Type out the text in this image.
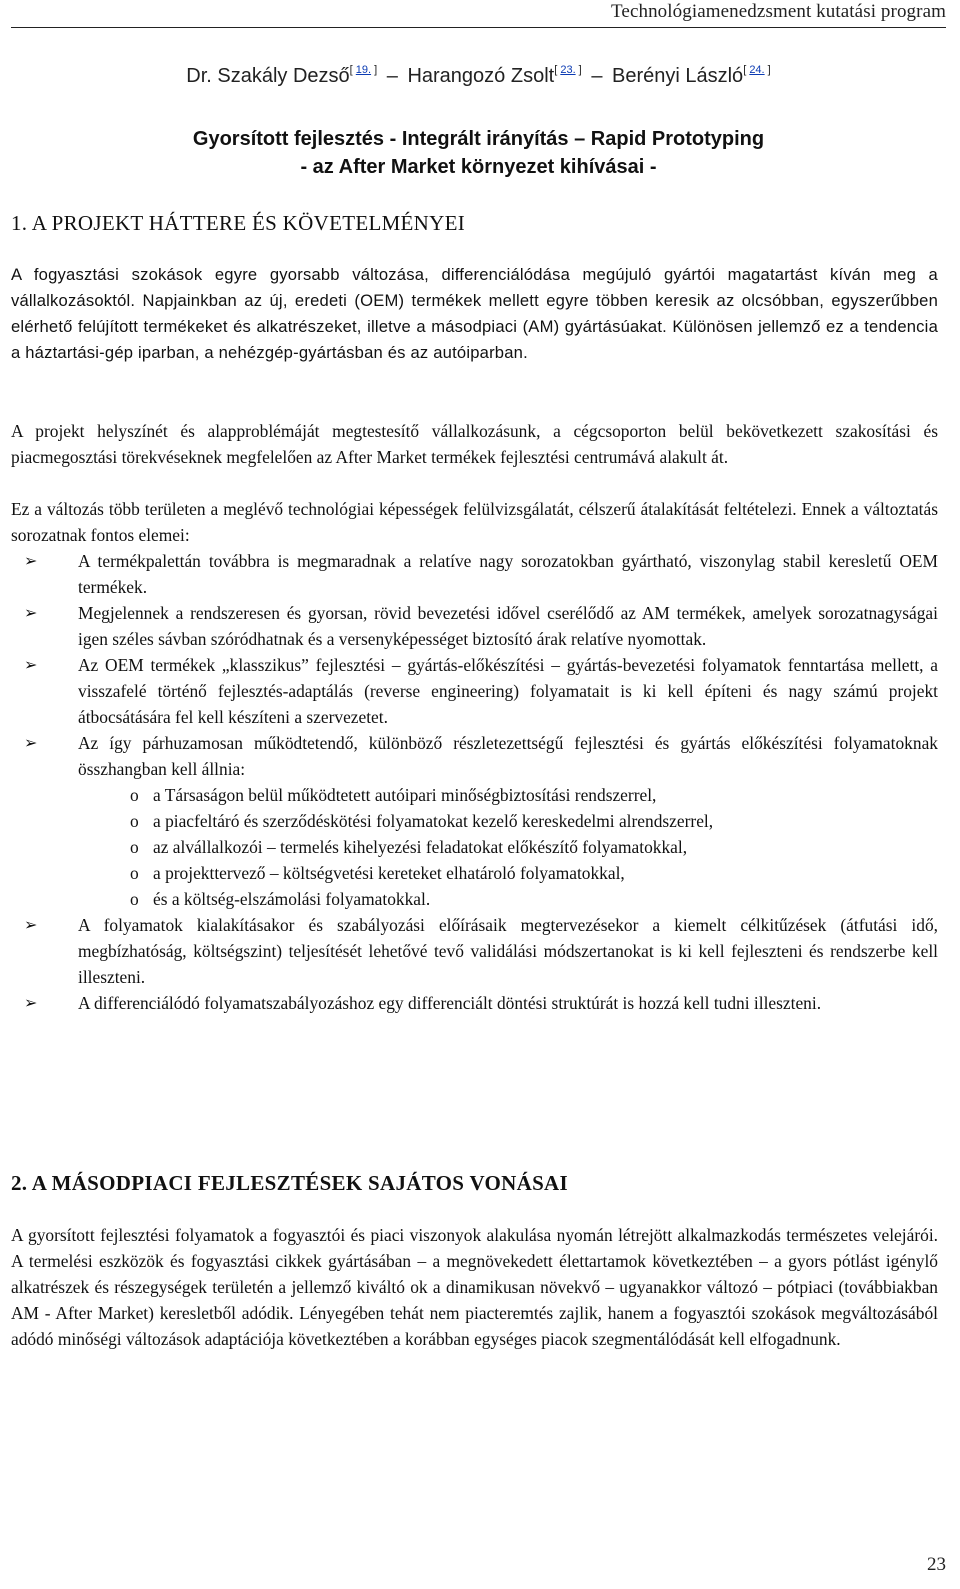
Technológiamenedzsment kutatási program
Dr. Szakály Dezső[ 19. ] – Harangozó Zsolt[ 23. ] – Berényi László[ 24. ]
Gyorsított fejlesztés - Integrált irányítás – Rapid Prototyping
- az After Market környezet kihívásai -
1. A PROJEKT HÁTTERE ÉS KÖVETELMÉNYEI

A fogyasztási szokások egyre gyorsabb változása, differenciálódása megújuló gyártói magatartást kíván meg a vállalkozásoktól. Napjainkban az új, eredeti (OEM) termékek mellett egyre többen keresik az olcsóbban, egyszerűbben elérhető felújított termékeket és alkatrészeket, illetve a másodpiaci (AM) gyártásúakat. Különösen jellemző ez a tendencia a háztartási-gép iparban, a nehézgép-gyártásban és az autóiparban.

A projekt helyszínét és alapproblémáját megtestesítő vállalkozásunk, a cégcsoporton belül bekövetkezett szakosítási és piacmegosztási törekvéseknek megfelelően az After Market termékek fejlesztési centrumává alakult át.

Ez a változás több területen a meglévő technológiai képességek felülvizsgálatát, célszerű átalakítását feltételezi. Ennek a változtatás sorozatnak fontos elemei:

➢ A termékpalettán továbbra is megmaradnak a relatíve nagy sorozatokban gyártható, viszonylag stabil keresletű OEM termékek.
➢ Megjelennek a rendszeresen és gyorsan, rövid bevezetési idővel cserélődő az AM termékek, amelyek sorozatnagyságai igen széles sávban szóródhatnak és a versenyképességet biztosító árak relatíve nyomottak.
➢ Az OEM termékek „klasszikus” fejlesztési – gyártás-előkészítési – gyártás-bevezetési folyamatok fenntartása mellett, a visszafelé történő fejlesztés-adaptálás (reverse engineering) folyamatait is ki kell építeni és nagy számú projekt átbocsátására fel kell készíteni a szervezetet.
➢ Az így párhuzamosan működtetendő, különböző részletezettségű fejlesztési és gyártás előkészítési folyamatoknak összhangban kell állnia:
o a Társaságon belül működtetett autóipari minőségbiztosítási rendszerrel,
o a piacfeltáró és szerződéskötési folyamatokat kezelő kereskedelmi alrendszerrel,
o az alvállalkozói – termelés kihelyezési feladatokat előkészítő folyamatokkal,
o a projekttervező – költségvetési kereteket elhatároló folyamatokkal,
o és a költség-elszámolási folyamatokkal.
➢ A folyamatok kialakításakor és szabályozási előírásaik megtervezésekor a kiemelt célkitűzések (átfutási idő, megbízhatóság, költségszint) teljesítését lehetővé tevő validálási módszertanokat is ki kell fejleszteni és rendszerbe kell illeszteni.
➢ A differenciálódó folyamatszabályozáshoz egy differenciált döntési struktúrát is hozzá kell tudni illeszteni.
2. A MÁSODPIACI FEJLESZTÉSEK SAJÁTOS VONÁSAI

A gyorsított fejlesztési folyamatok a fogyasztói és piaci viszonyok alakulása nyomán létrejött alkalmazkodás természetes velejárói. A termelési eszközök és fogyasztási cikkek gyártásában – a megnövekedett élettartamok következtében – a gyors pótlást igénylő alkatrészek és részegységek területén a jellemző kiváltó ok a dinamikusan növekvő – ugyanakkor változó – pótpiaci (továbbiakban AM - After Market) keresletből adódik. Lényegében tehát nem piacteremtés zajlik, hanem a fogyasztói szokások megváltozásából adódó minőségi változások adaptációja következtében a korábban egységes piacok szegmentálódását kell elfogadnunk.

23
